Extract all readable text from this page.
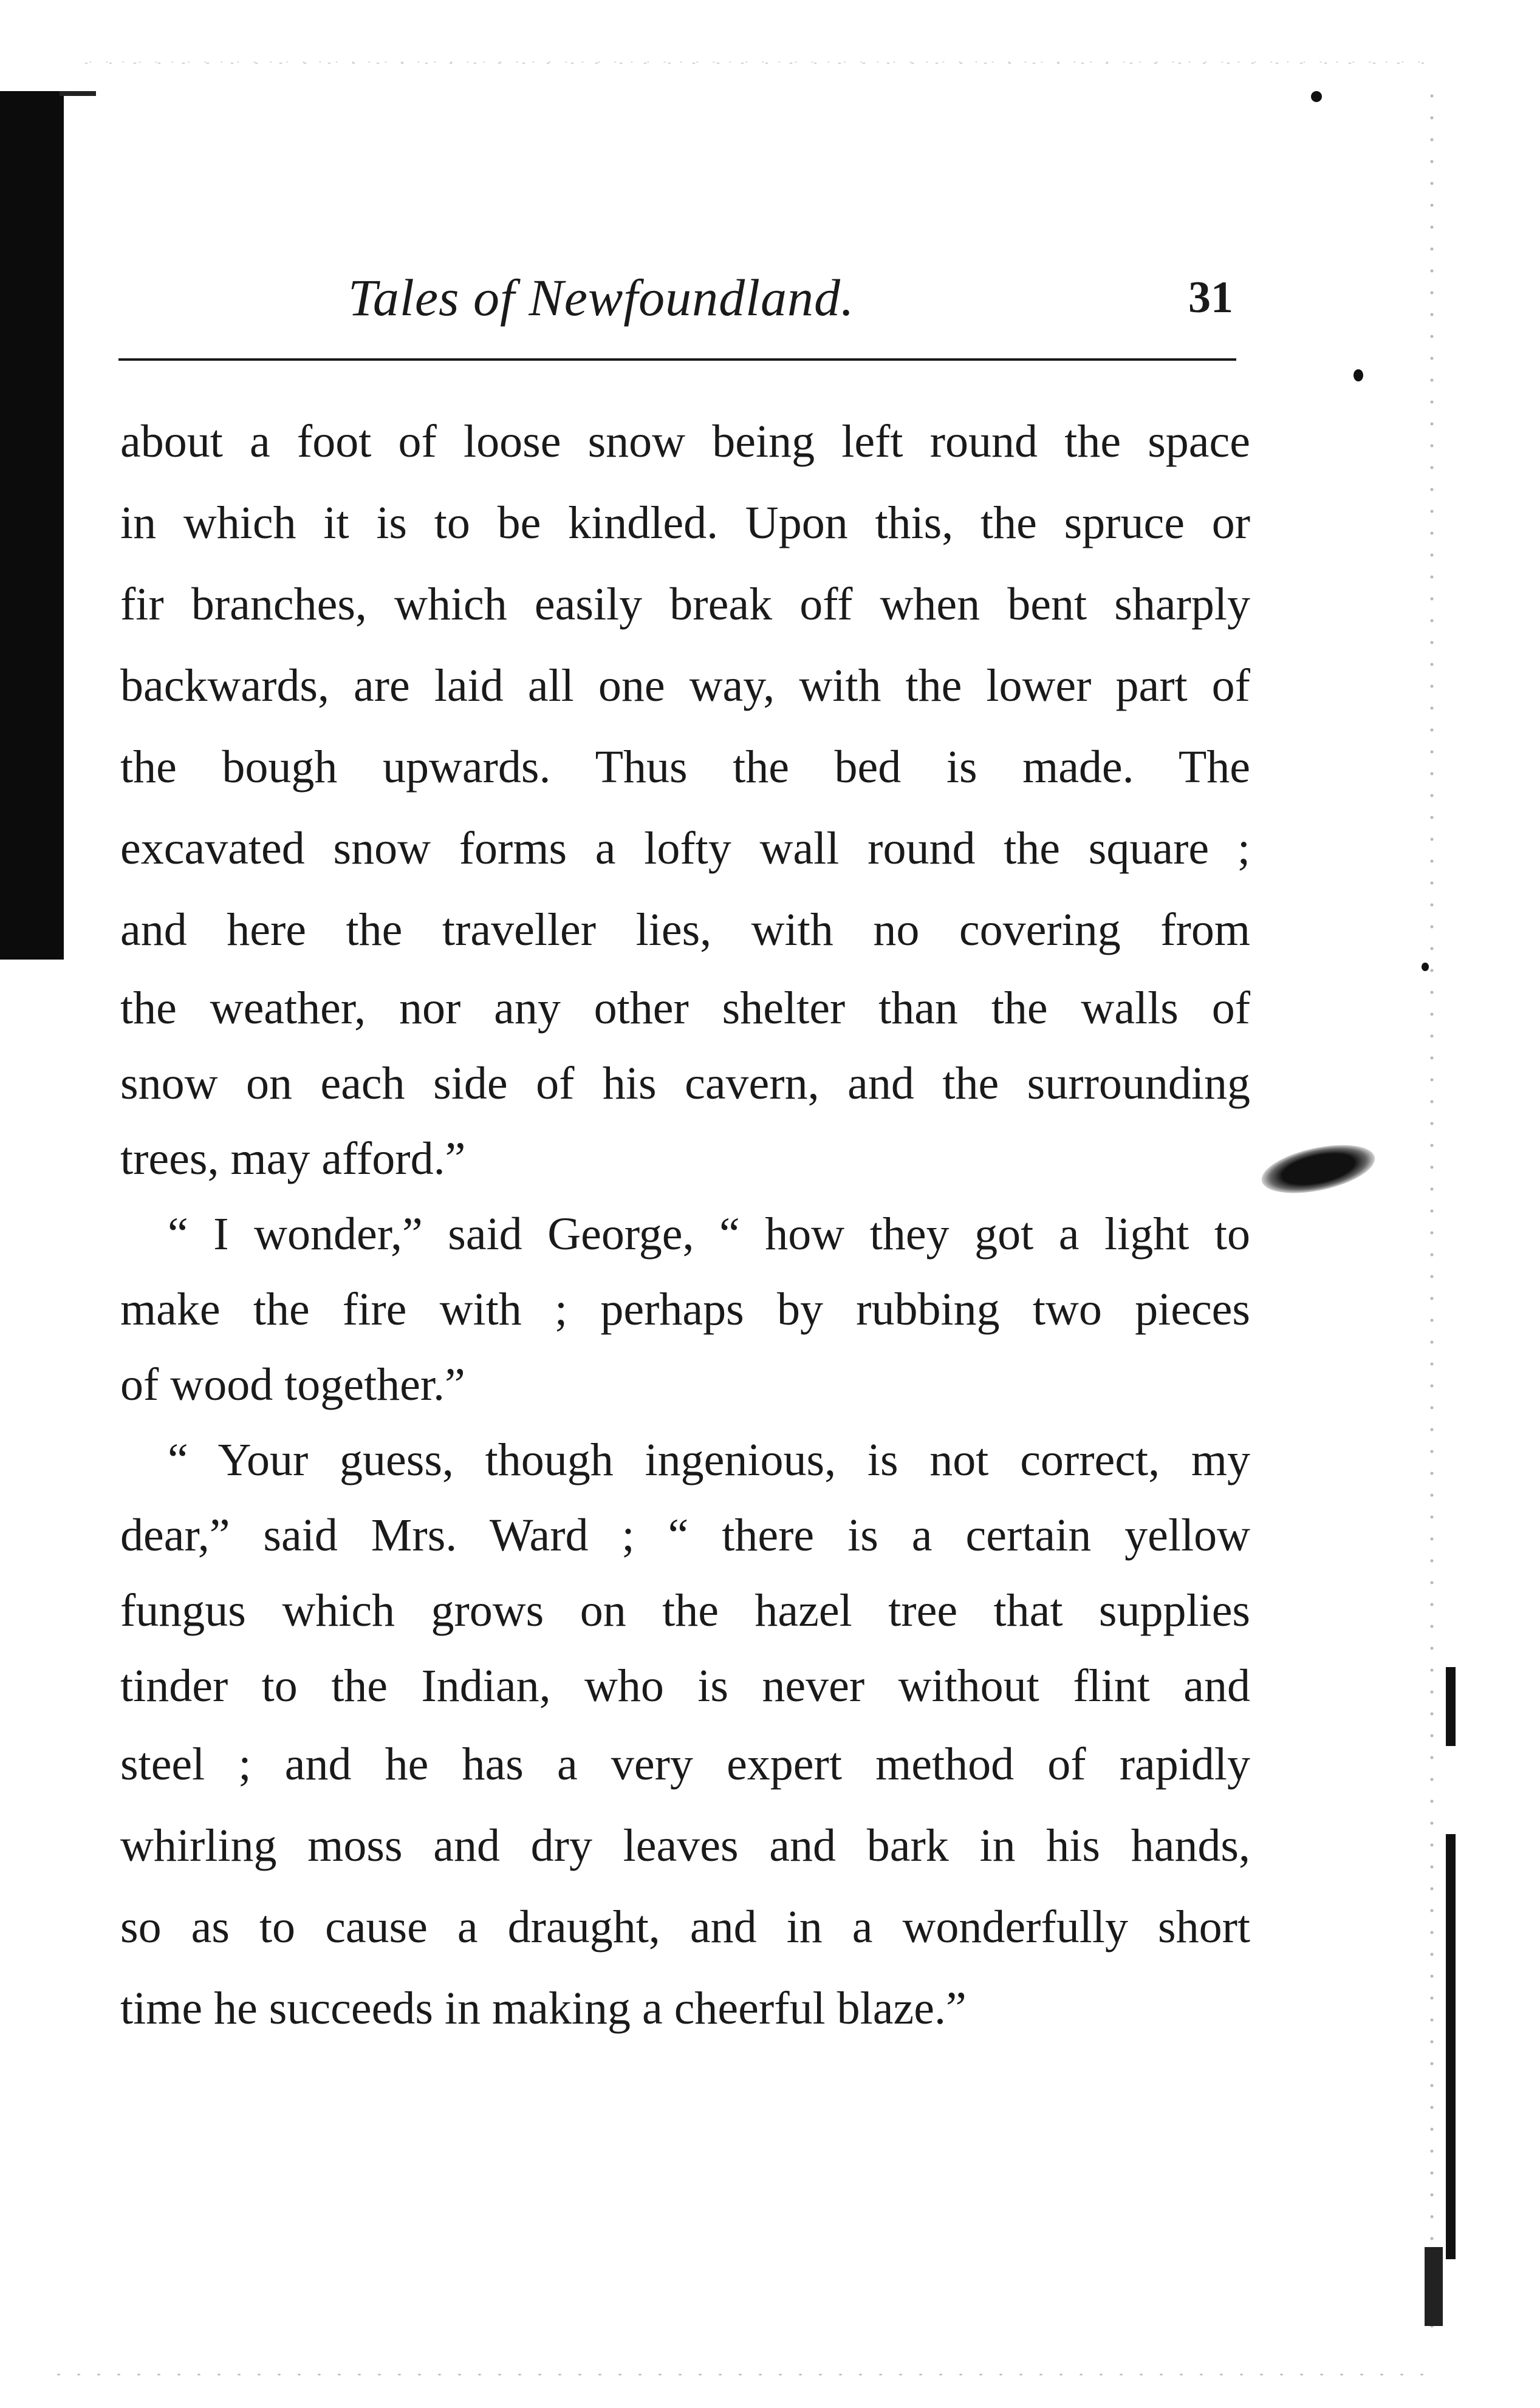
Tales of Newfoundland.	31
about a foot of loose snow being left round the space
in which it is to be kindled. Upon this, the spruce or
fir branches, which easily break off when bent sharply
backwards, are laid all one way, with the lower part of
the bough upwards. Thus the bed is made. The
excavated snow forms a lofty wall round the square ;
and here the traveller lies, with no covering from
the weather, nor any other shelter than the walls of
snow on each side of his cavern, and the surrounding
trees, may afford.”
“ I wonder,” said George, “ how they got a light to
make the fire with ; perhaps by rubbing two pieces
of wood together.”
“ Your guess, though ingenious, is not correct, my
dear,” said Mrs. Ward ; “ there is a certain yellow
fungus which grows on the hazel tree that supplies
tinder to the Indian, who is never without flint and
steel ; and he has a very expert method of rapidly
whirling moss and dry leaves and bark in his hands,
so as to cause a draught, and in a wonderfully short
time he succeeds in making a cheerful blaze.”
